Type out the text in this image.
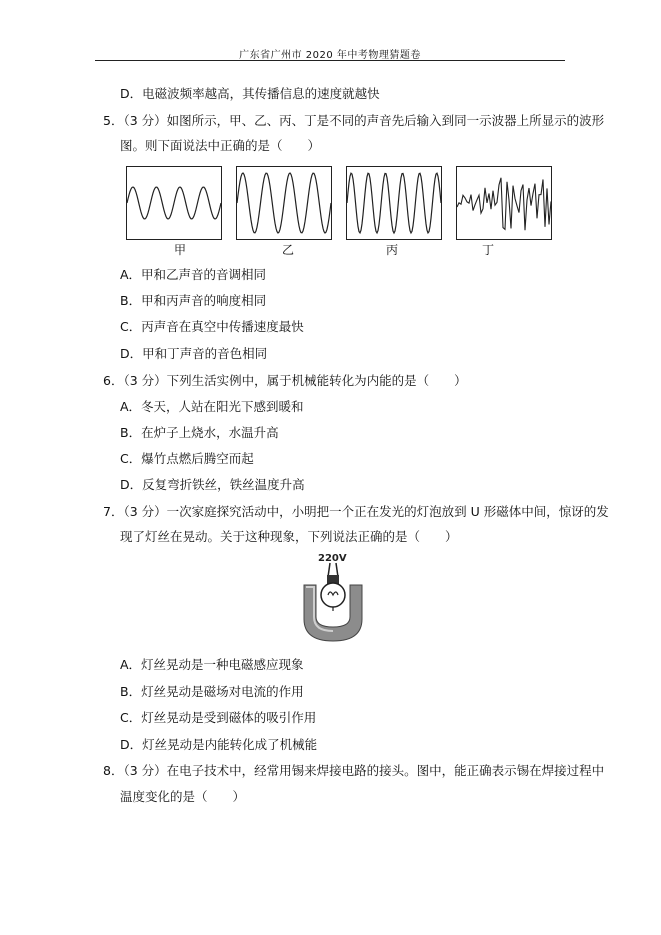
广东省广州市 2020 年中考物理猜题卷
D．电磁波频率越高，其传播信息的速度就越快
5．（3 分）如图所示，甲、乙、丙、丁是不同的声音先后输入到同一示波器上所显示的波形
图。则下面说法中正确的是（　　）
甲	乙	丙	丁
A．甲和乙声音的音调相同
B．甲和丙声音的响度相同
C．丙声音在真空中传播速度最快
D．甲和丁声音的音色相同
6．（3 分）下列生活实例中，属于机械能转化为内能的是（　　）
A．冬天，人站在阳光下感到暖和
B．在炉子上烧水，水温升高
C．爆竹点燃后腾空而起
D．反复弯折铁丝，铁丝温度升高
7．（3 分）一次家庭探究活动中，小明把一个正在发光的灯泡放到 U 形磁体中间，惊讶的发
现了灯丝在晃动。关于这种现象，下列说法正确的是（　　）
220V
A．灯丝晃动是一种电磁感应现象
B．灯丝晃动是磁场对电流的作用
C．灯丝晃动是受到磁体的吸引作用
D．灯丝晃动是内能转化成了机械能
8．（3 分）在电子技术中，经常用锡来焊接电路的接头。图中，能正确表示锡在焊接过程中
温度变化的是（　　）
